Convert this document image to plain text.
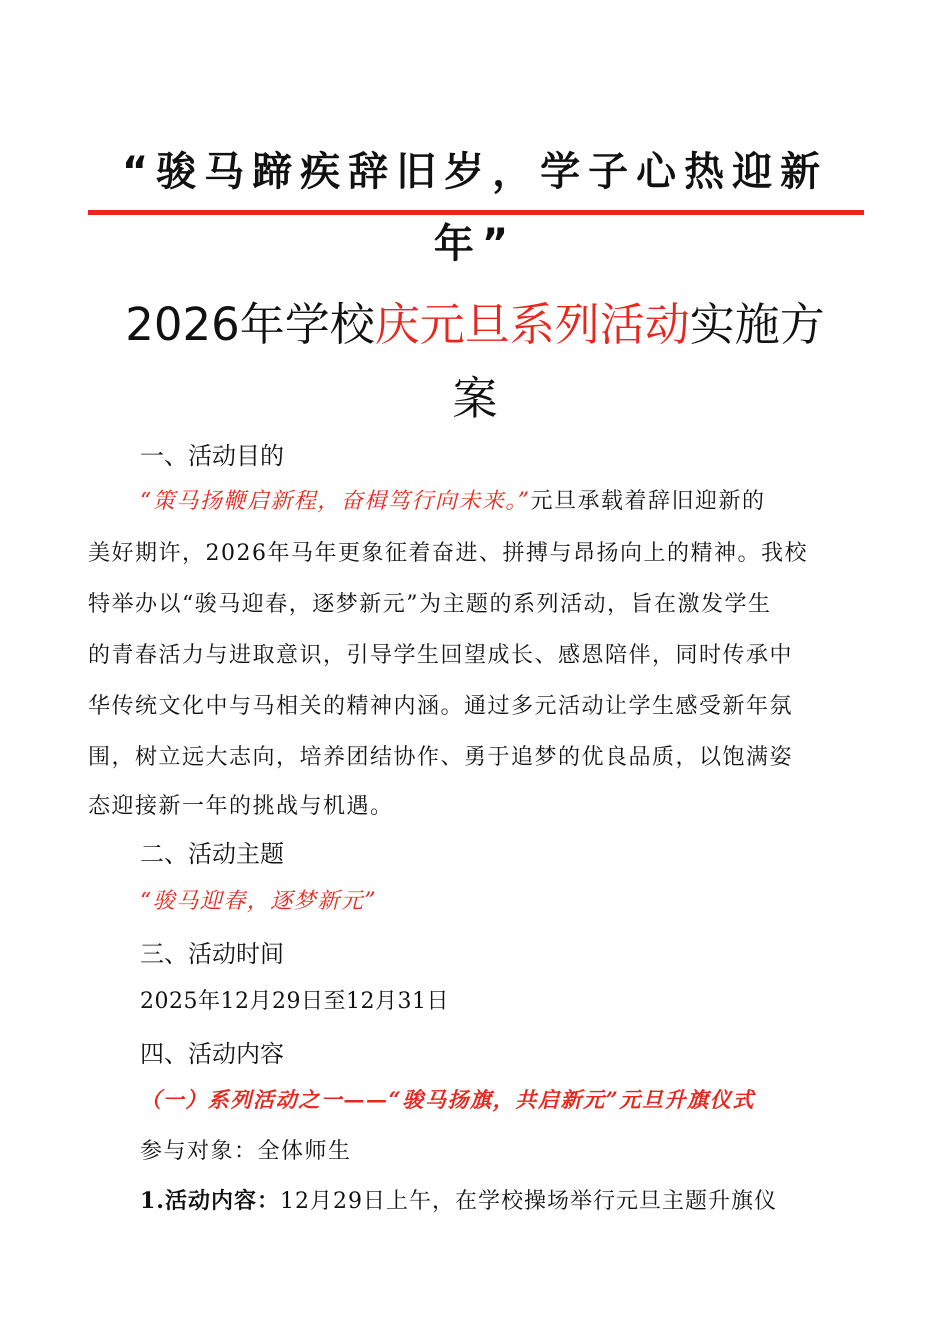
“骏马蹄疾辞旧岁，学子心热迎新
年”
2026年学校庆元旦系列活动实施方
案
一、活动目的
“策马扬鞭启新程，奋楫笃行向未来。”元旦承载着辞旧迎新的
美好期许，2026年马年更象征着奋进、拼搏与昂扬向上的精神。我校
特举办以“骏马迎春，逐梦新元”为主题的系列活动，旨在激发学生
的青春活力与进取意识，引导学生回望成长、感恩陪伴，同时传承中
华传统文化中与马相关的精神内涵。通过多元活动让学生感受新年氛
围，树立远大志向，培养团结协作、勇于追梦的优良品质，以饱满姿
态迎接新一年的挑战与机遇。
二、活动主题
“骏马迎春，逐梦新元”
三、活动时间
2025年12月29日至12月31日
四、活动内容
（一）系列活动之一——“骏马扬旗，共启新元”元旦升旗仪式
参与对象：全体师生
1.活动内容：12月29日上午，在学校操场举行元旦主题升旗仪
